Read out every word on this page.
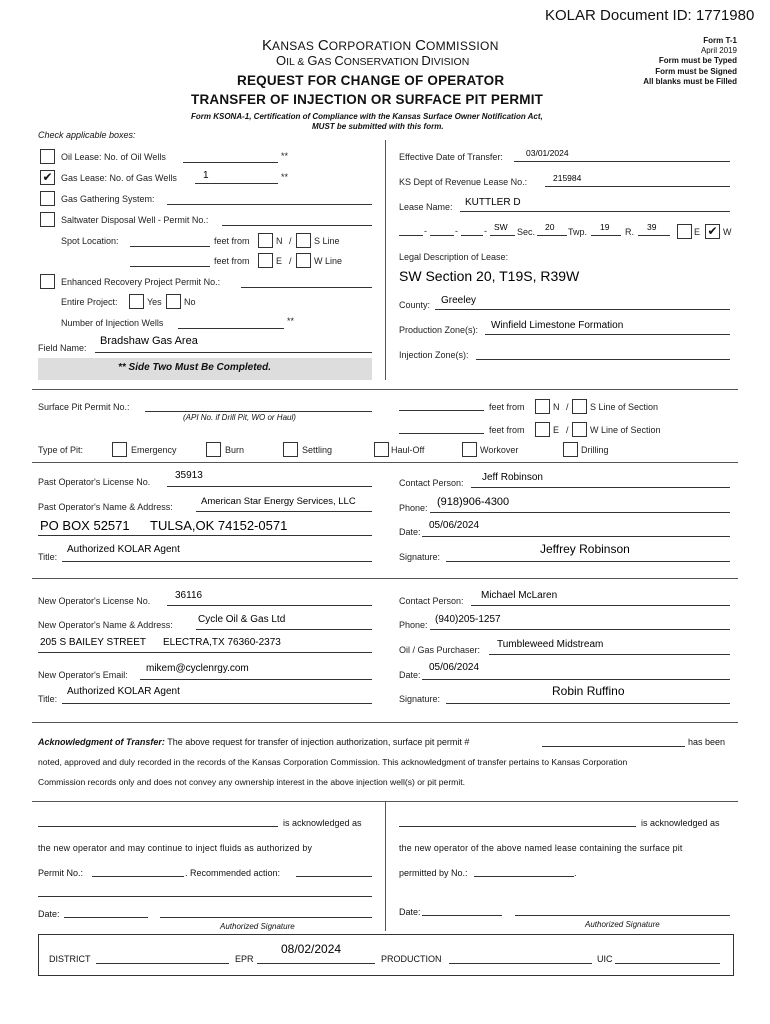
KOLAR Document ID: 1771980
KANSAS CORPORATION COMMISSION
OIL & GAS CONSERVATION DIVISION
REQUEST FOR CHANGE OF OPERATOR
TRANSFER OF INJECTION OR SURFACE PIT PERMIT
Form T-1
April 2019
Form must be Typed
Form must be Signed
All blanks must be Filled
Form KSONA-1, Certification of Compliance with the Kansas Surface Owner Notification Act,
MUST be submitted with this form.
Check applicable boxes:
Oil Lease: No. of Oil Wells	**
✔ Gas Lease: No. of Gas Wells	1	**
Gas Gathering System:
Saltwater Disposal Well - Permit No.:
Spot Location:	feet from	N / S Line
feet from	E / W Line
Enhanced Recovery Project Permit No.:
Entire Project:	Yes No
Number of Injection Wells	**
Field Name:
Bradshaw Gas Area
** Side Two Must Be Completed.
Effective Date of Transfer:	03/01/2024
KS Dept of Revenue Lease No.:	215984
Lease Name: KUTTLER D
-	-	- SW Sec. 20 Twp. 19 R. 39	E ✔ W
Legal Description of Lease:
SW Section 20, T19S, R39W
County: Greeley
Production Zone(s): Winfield Limestone Formation
Injection Zone(s):
Surface Pit Permit No.:
(API No. if Drill Pit, WO or Haul)
feet from	N / S Line of Section
feet from	E / W Line of Section
Type of Pit:	Emergency	Burn	Settling	Haul-Off	Workover	Drilling
Past Operator's License No.
35913
Past Operator's Name & Address:	American Star Energy Services, LLC
PO BOX 52571 TULSA,OK 74152-0571
Title:
Authorized KOLAR Agent
Contact Person: Jeff Robinson
Phone: (918)906-4300
Date:
05/06/2024
Signature:
Jeffrey Robinson
New Operator's License No. 36116
New Operator's Name & Address:	Cycle Oil & Gas Ltd
205 S BAILEY STREET ELECTRA,TX 76360-2373
New Operator's Email:
mikem@cyclenrgy.com
Title:
Authorized KOLAR Agent
Contact Person: Michael McLaren
Phone: (940)205-1257
Oil / Gas Purchaser: Tumbleweed Midstream
Date:
05/06/2024
Signature:
Robin Ruffino
Acknowledgment of Transfer: The above request for transfer of injection authorization, surface pit permit #	has been
noted, approved and duly recorded in the records of the Kansas Corporation Commission. This acknowledgment of transfer pertains to Kansas Corporation
Commission records only and does not convey any ownership interest in the above injection well(s) or pit permit.
is acknowledged as
the new operator and may continue to inject fluids as authorized by
Permit No.:	. Recommended action:
is acknowledged as
the new operator of the above named lease containing the surface pit
permitted by No.:	.
Date:
Authorized Signature
Date:
Authorized Signature
DISTRICT	EPR
08/02/2024
PRODUCTION	UIC
